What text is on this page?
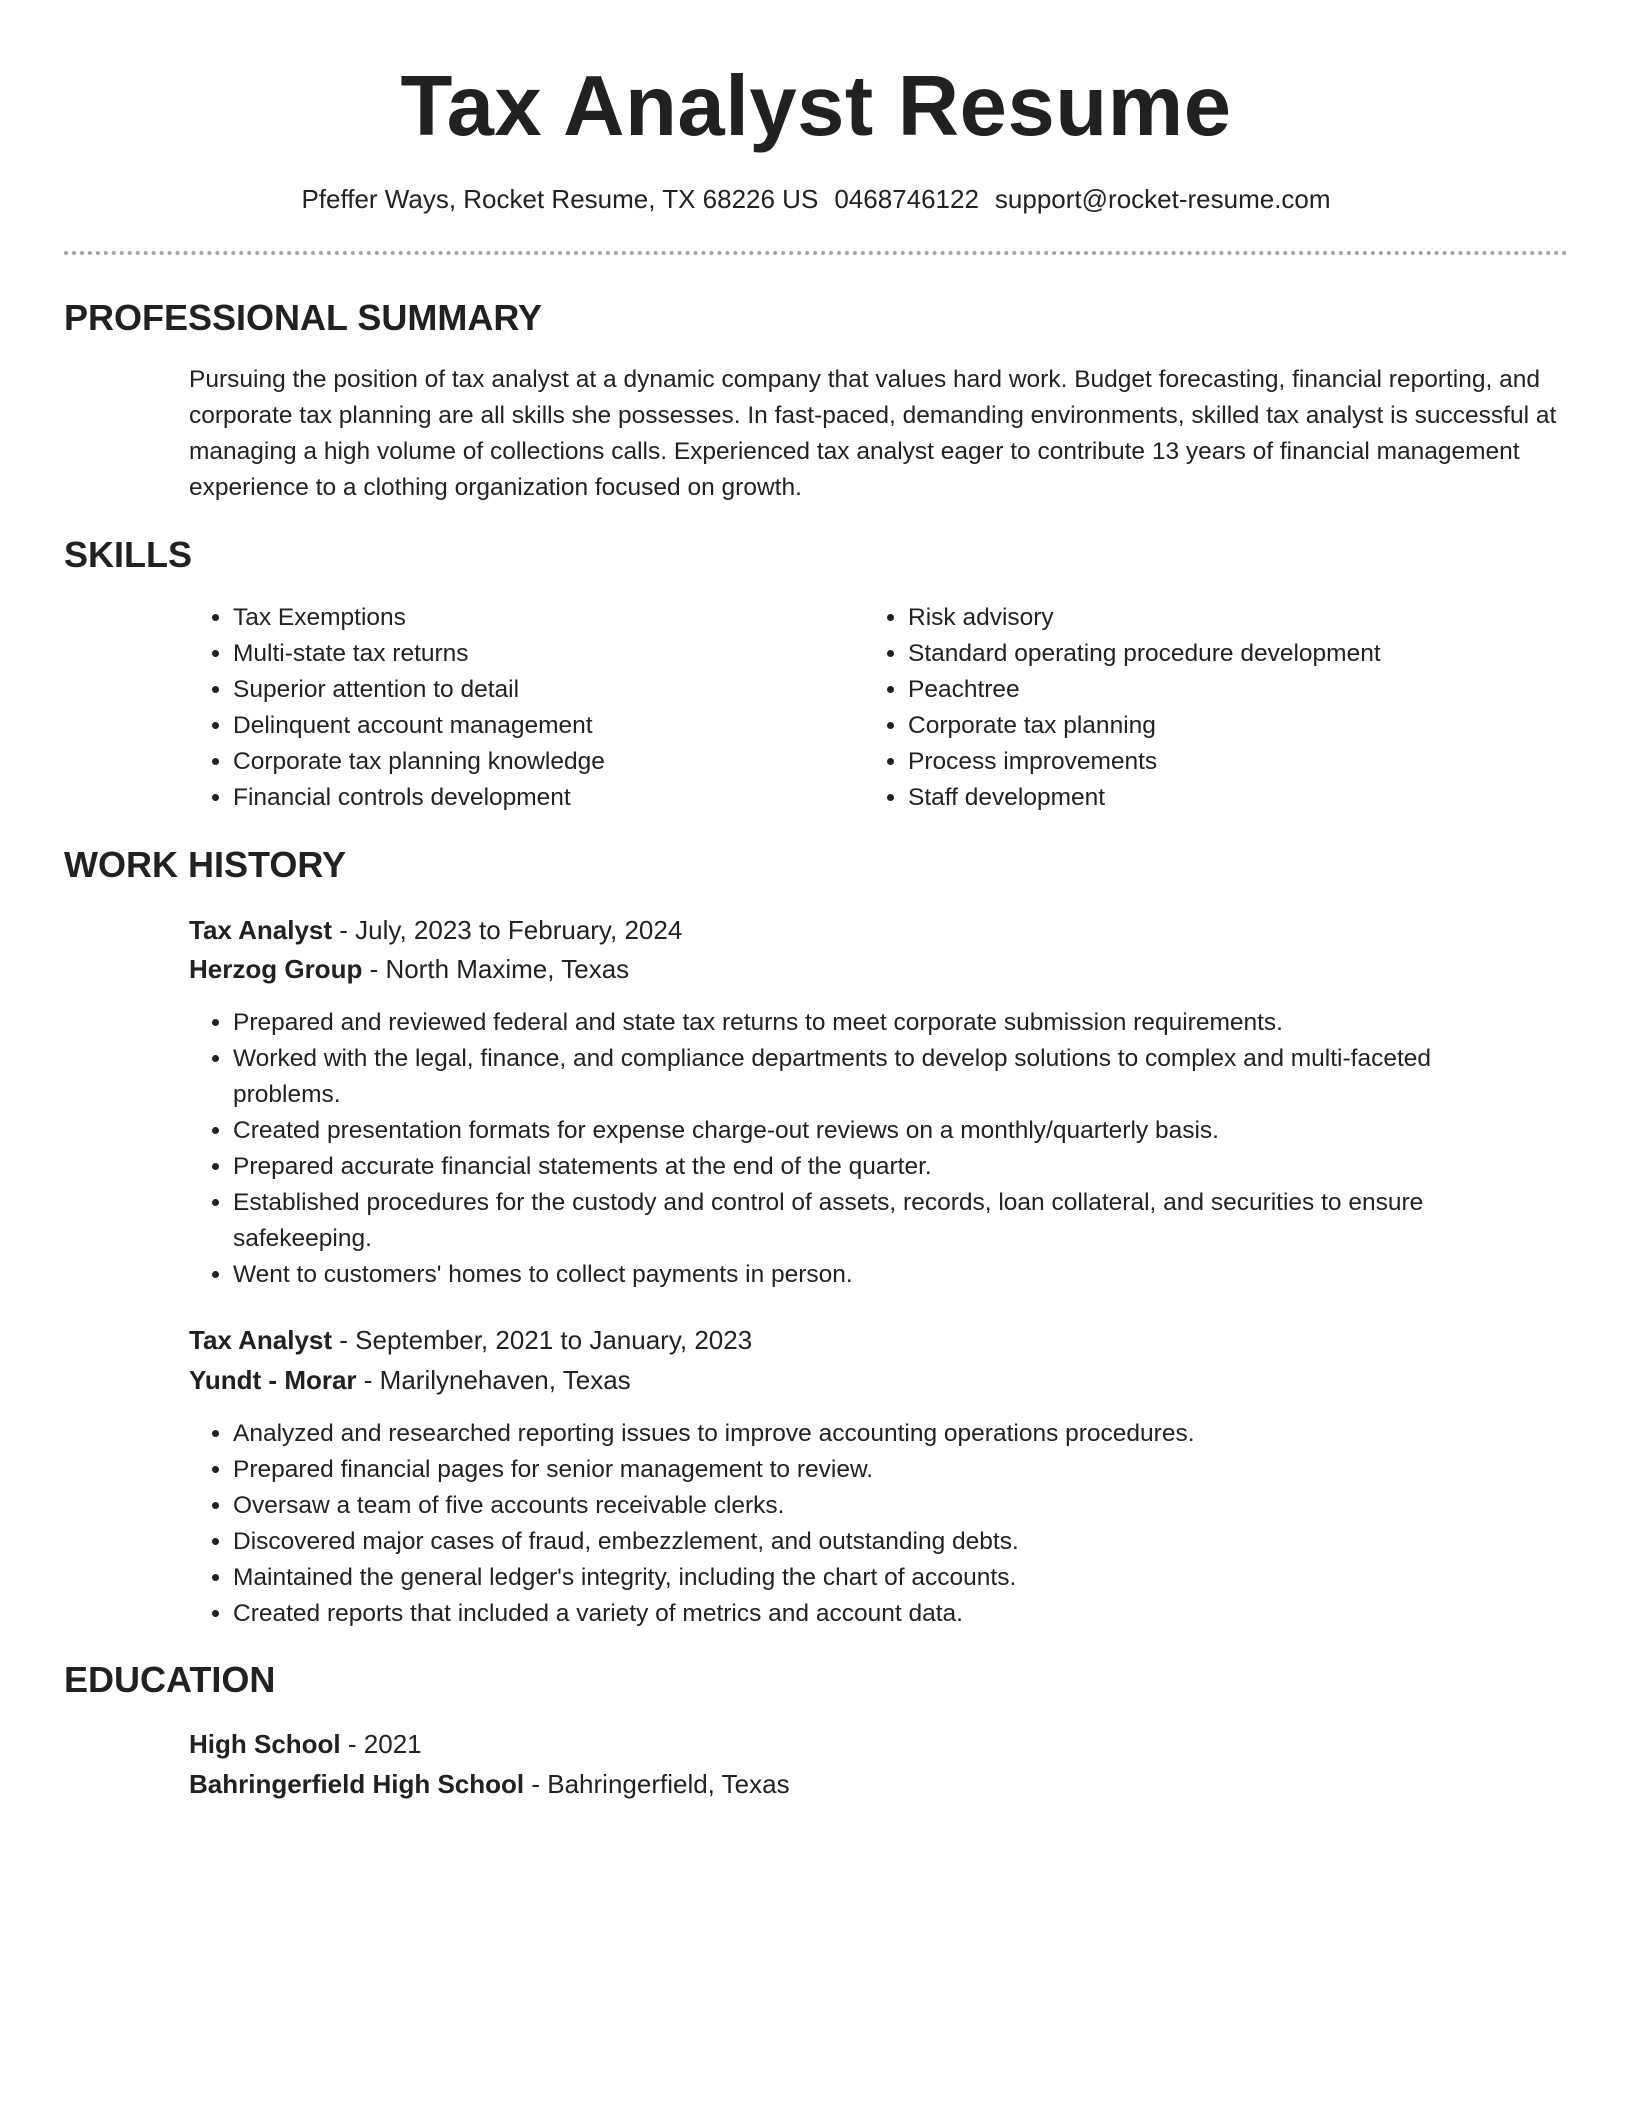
Tax Analyst Resume
Pfeffer Ways, Rocket Resume, TX 68226 US 0468746122 support@rocket-resume.com
PROFESSIONAL SUMMARY

Pursuing the position of tax analyst at a dynamic company that values hard work. Budget forecasting, financial reporting, and corporate tax planning are all skills she possesses. In fast-paced, demanding environments, skilled tax analyst is successful at managing a high volume of collections calls. Experienced tax analyst eager to contribute 13 years of financial management experience to a clothing organization focused on growth.

SKILLS
• Tax Exemptions
• Multi-state tax returns
• Superior attention to detail
• Delinquent account management
• Corporate tax planning knowledge
• Financial controls development
• Risk advisory
• Standard operating procedure development
• Peachtree
• Corporate tax planning
• Process improvements
• Staff development
WORK HISTORY
Tax Analyst - July, 2023 to February, 2024
Herzog Group - North Maxime, Texas
• Prepared and reviewed federal and state tax returns to meet corporate submission requirements.
• Worked with the legal, finance, and compliance departments to develop solutions to complex and multi-faceted problems.
• Created presentation formats for expense charge-out reviews on a monthly/quarterly basis.
• Prepared accurate financial statements at the end of the quarter.
• Established procedures for the custody and control of assets, records, loan collateral, and securities to ensure safekeeping.
• Went to customers' homes to collect payments in person.
Tax Analyst - September, 2021 to January, 2023
Yundt - Morar - Marilynehaven, Texas
• Analyzed and researched reporting issues to improve accounting operations procedures.
• Prepared financial pages for senior management to review.
• Oversaw a team of five accounts receivable clerks.
• Discovered major cases of fraud, embezzlement, and outstanding debts.
• Maintained the general ledger's integrity, including the chart of accounts.
• Created reports that included a variety of metrics and account data.
EDUCATION
High School - 2021
Bahringerfield High School - Bahringerfield, Texas
